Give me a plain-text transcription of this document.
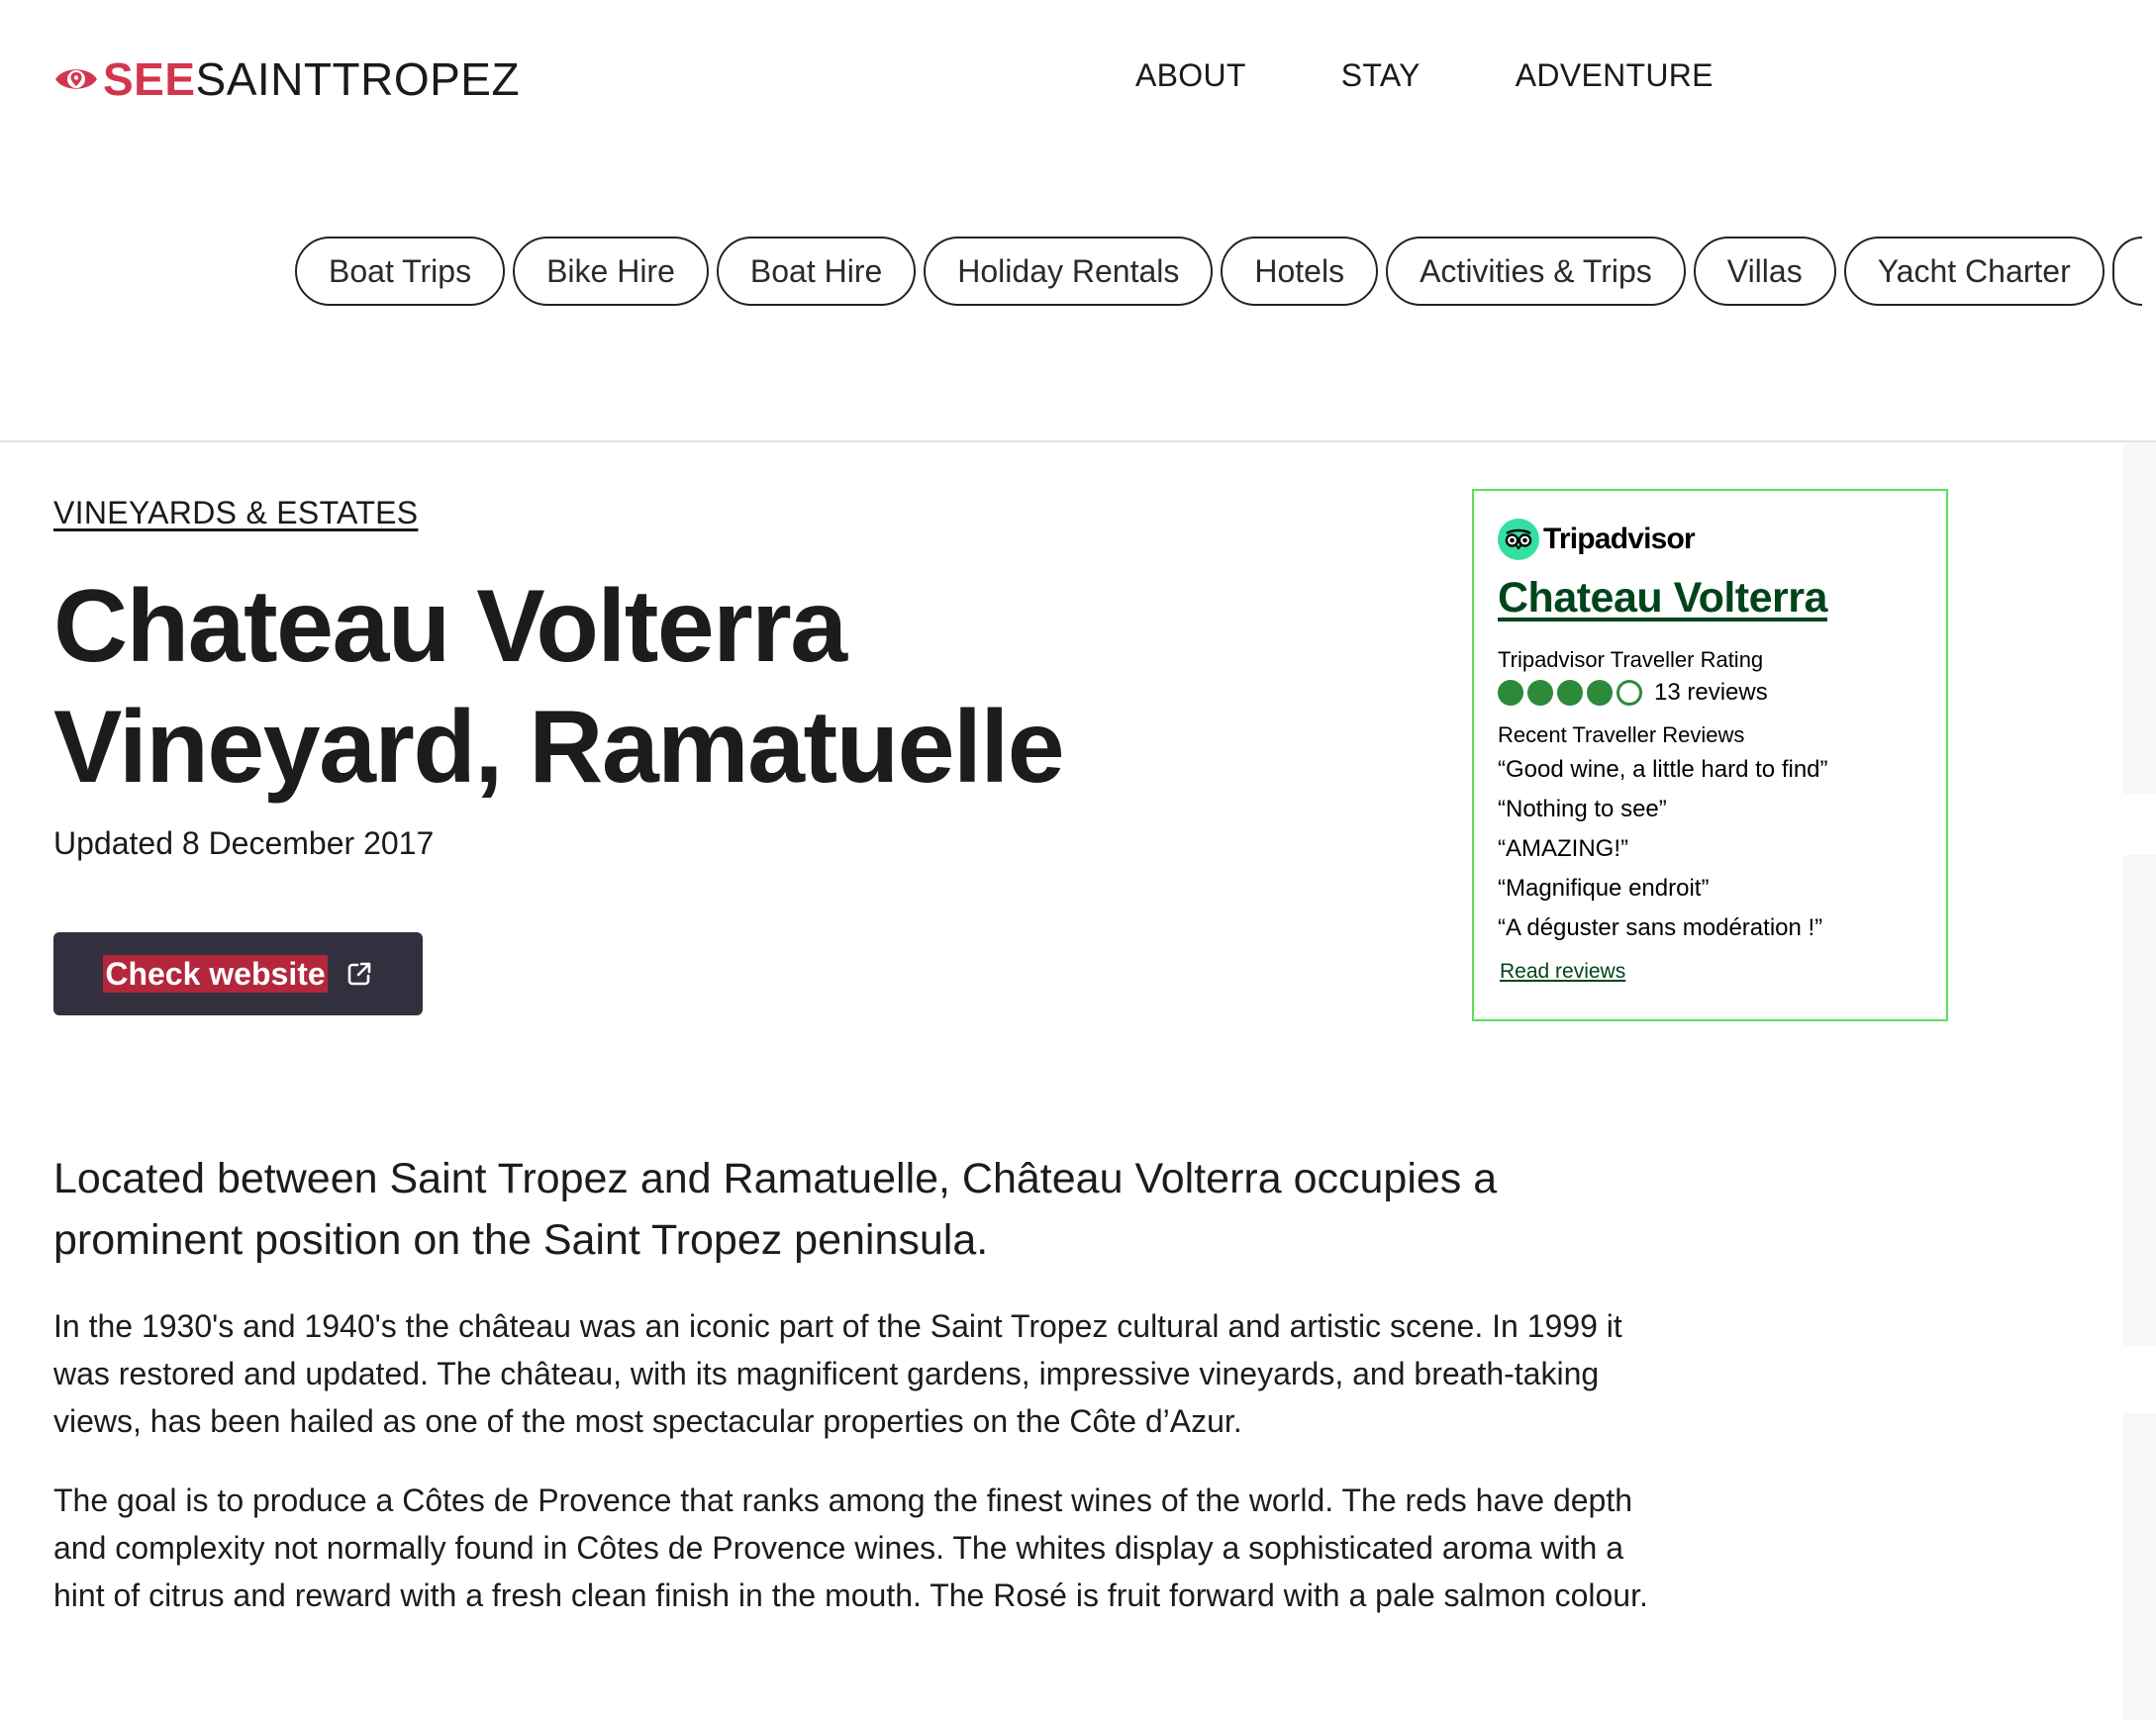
SEE SAINTTROPEZ	ABOUT	STAY	ADVENTURE
Boat Trips	Bike Hire	Boat Hire	Holiday Rentals	Hotels	Activities & Trips	Villas	Yacht Charter
VINEYARDS & ESTATES
Chateau Volterra
Vineyard, Ramatuelle
Updated 8 December 2017
Check website

Located between Saint Tropez and Ramatuelle, Château Volterra occupies a prominent position on the Saint Tropez peninsula.

In the 1930's and 1940's the château was an iconic part of the Saint Tropez cultural and artistic scene. In 1999 it was restored and updated. The château, with its magnificent gardens, impressive vineyards, and breath-taking views, has been hailed as one of the most spectacular properties on the Côte d’Azur.

The goal is to produce a Côtes de Provence that ranks among the finest wines of the world. The reds have depth and complexity not normally found in Côtes de Provence wines. The whites display a sophisticated aroma with a hint of citrus and reward with a fresh clean finish in the mouth. The Rosé is fruit forward with a pale salmon colour.

Tripadvisor
Chateau Volterra
Tripadvisor Traveller Rating
13 reviews
Recent Traveller Reviews
“Good wine, a little hard to find”
“Nothing to see”
“AMAZING!”
“Magnifique endroit”
“A déguster sans modération !”
Read reviews
